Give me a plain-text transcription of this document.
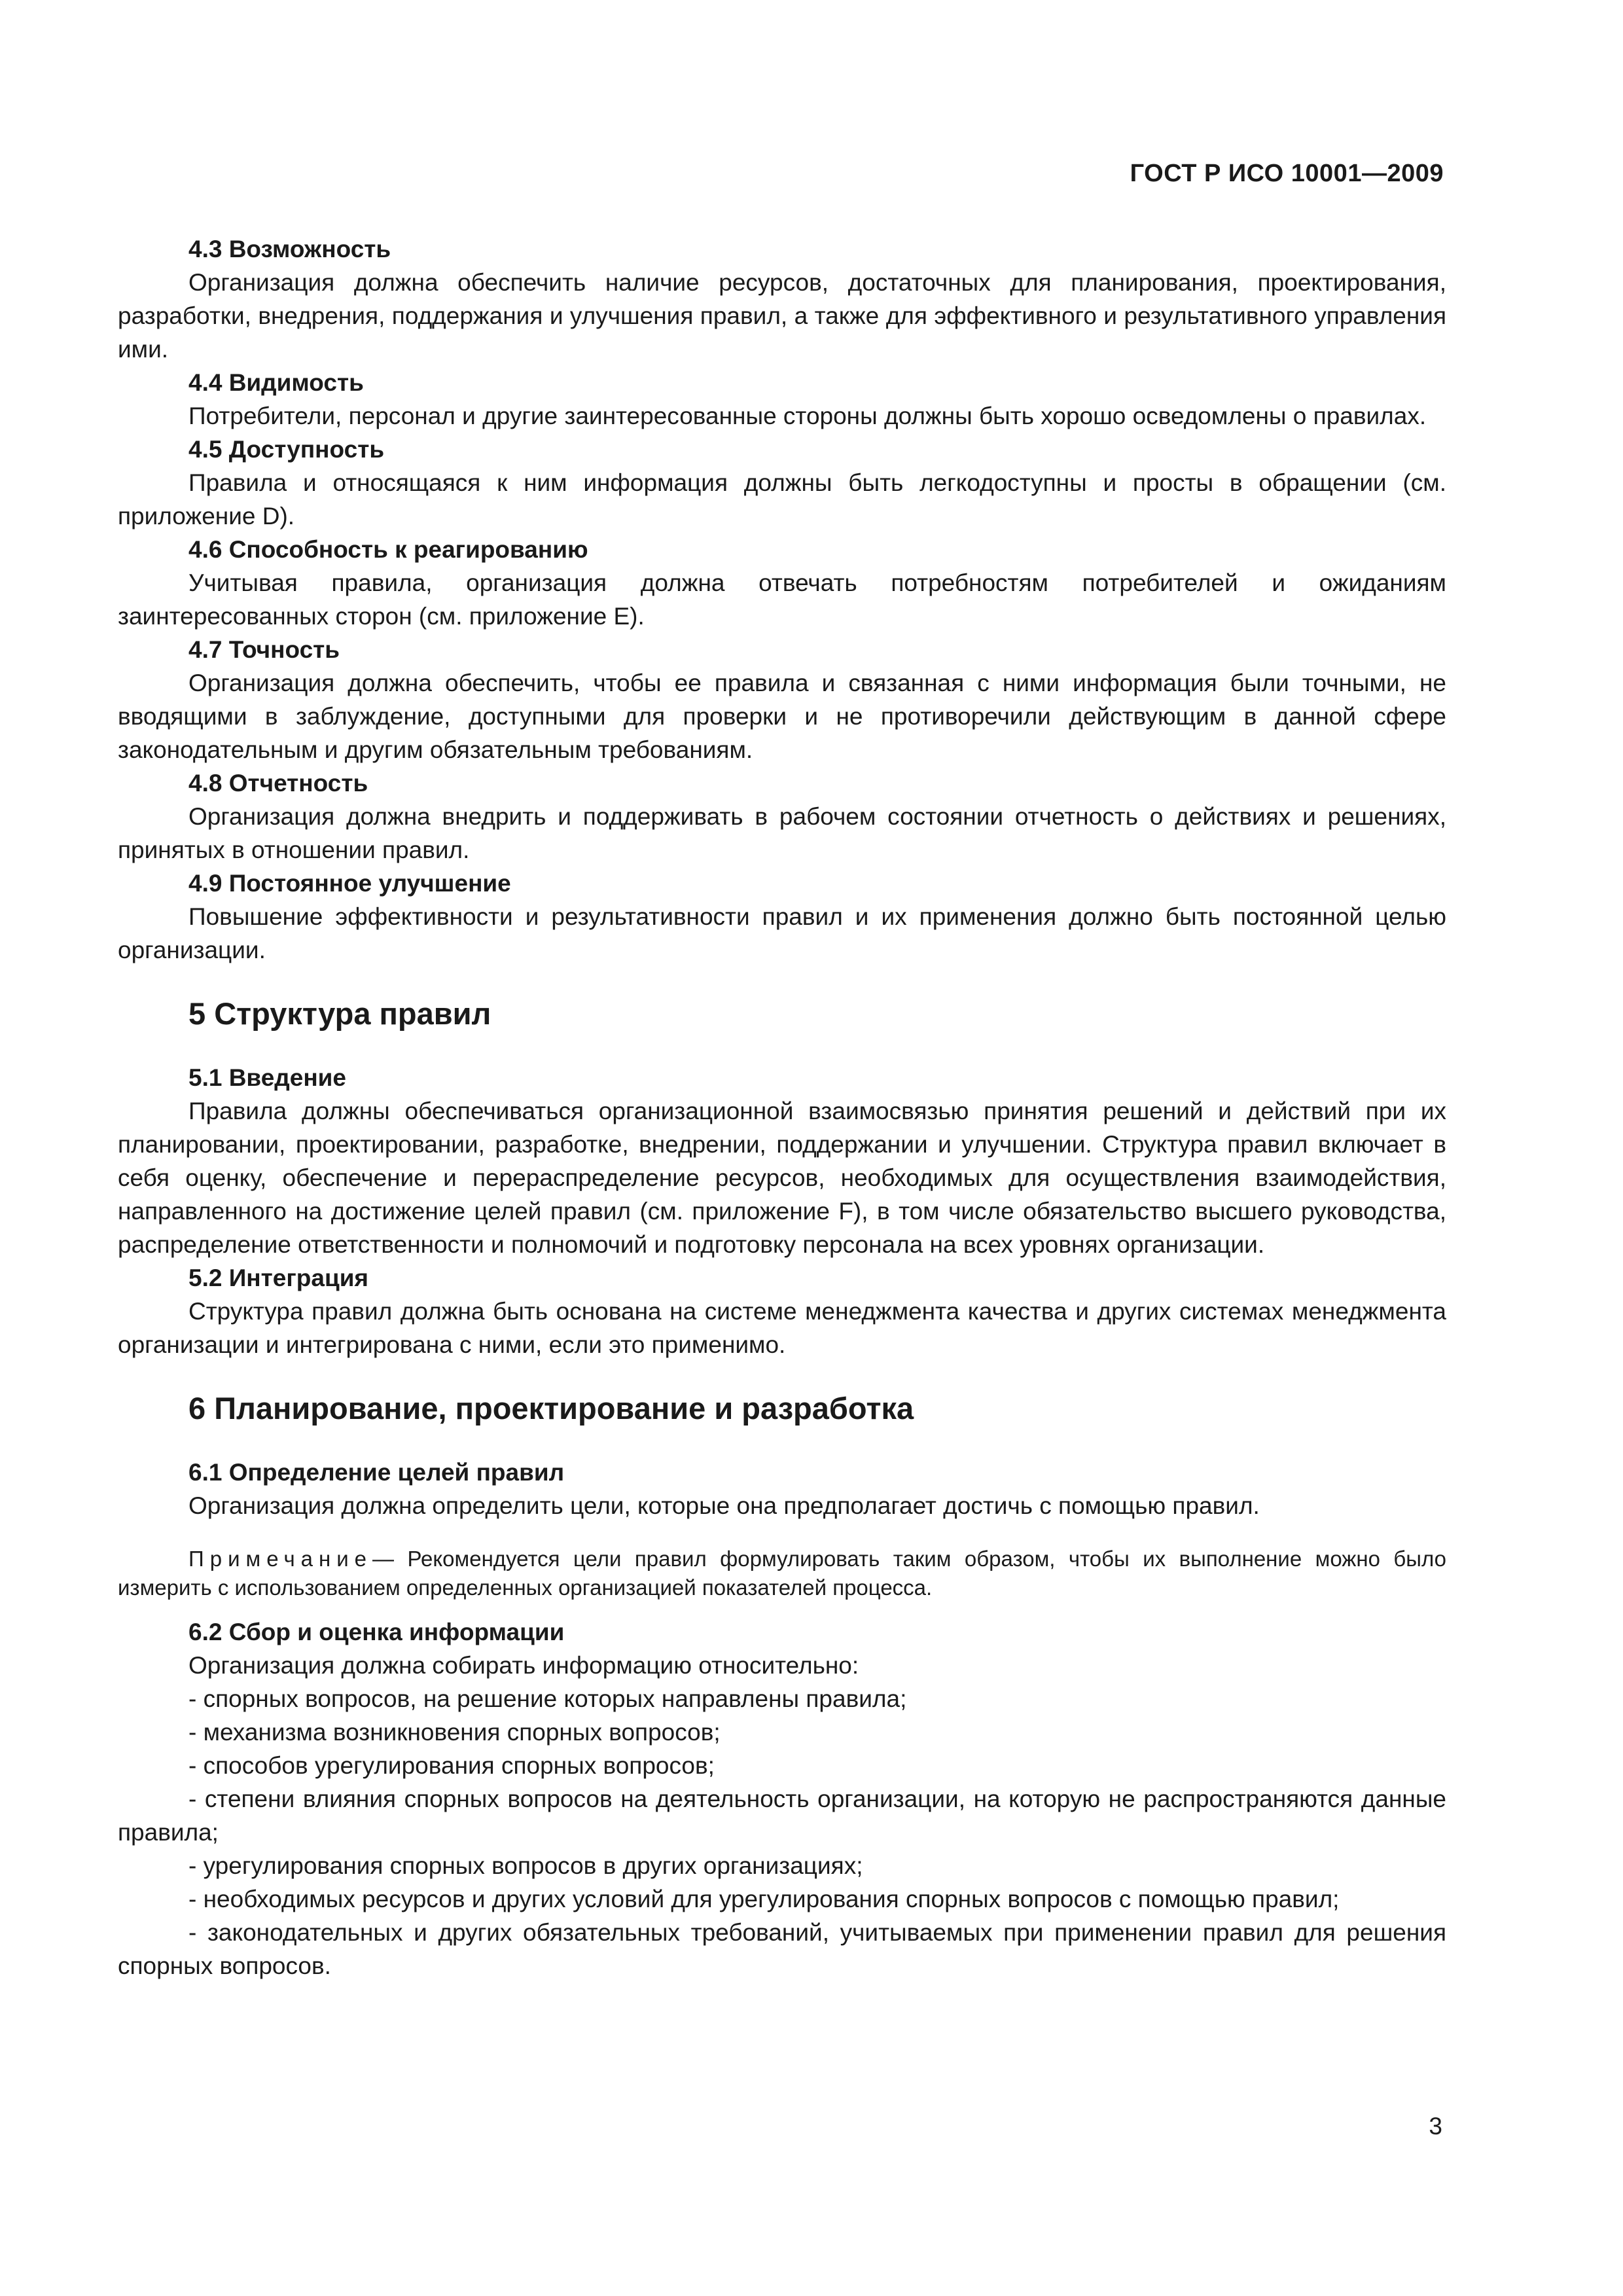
ГОСТ Р ИСО 10001—2009
4.3 Возможность

Организация должна обеспечить наличие ресурсов, достаточных для планирования, проектирования, разработки, внедрения, поддержания и улучшения правил, а также для эффективного и результативного управления ими.

4.4 Видимость

Потребители, персонал и другие заинтересованные стороны должны быть хорошо осведомлены о правилах.

4.5 Доступность

Правила и относящаяся к ним информация должны быть легкодоступны и просты в обращении (см. приложение D).

4.6 Способность к реагированию

Учитывая правила, организация должна отвечать потребностям потребителей и ожиданиям заинтересованных сторон (см. приложение E).

4.7 Точность

Организация должна обеспечить, чтобы ее правила и связанная с ними информация были точными, не вводящими в заблуждение, доступными для проверки и не противоречили действующим в данной сфере законодательным и другим обязательным требованиям.

4.8 Отчетность

Организация должна внедрить и поддерживать в рабочем состоянии отчетность о действиях и решениях, принятых в отношении правил.

4.9 Постоянное улучшение

Повышение эффективности и результативности правил и их применения должно быть постоянной целью организации.

5 Структура правил
5.1 Введение

Правила должны обеспечиваться организационной взаимосвязью принятия решений и действий при их планировании, проектировании, разработке, внедрении, поддержании и улучшении. Структура правил включает в себя оценку, обеспечение и перераспределение ресурсов, необходимых для осуществления взаимодействия, направленного на достижение целей правил (см. приложение F), в том числе обязательство высшего руководства, распределение ответственности и полномочий и подготовку персонала на всех уровнях организации.

5.2 Интеграция

Структура правил должна быть основана на системе менеджмента качества и других системах менеджмента организации и интегрирована с ними, если это применимо.

6 Планирование, проектирование и разработка
6.1 Определение целей правил

Организация должна определить цели, которые она предполагает достичь с помощью правил.

Примечание— Рекомендуется цели правил формулировать таким образом, чтобы их выполнение можно было измерить с использованием определенных организацией показателей процесса.

6.2 Сбор и оценка информации

Организация должна собирать информацию относительно:

- спорных вопросов, на решение которых направлены правила;

- механизма возникновения спорных вопросов;

- способов урегулирования спорных вопросов;

- степени влияния спорных вопросов на деятельность организации, на которую не распространяются данные правила;

- урегулирования спорных вопросов в других организациях;

- необходимых ресурсов и других условий для урегулирования спорных вопросов с помощью правил;

- законодательных и других обязательных требований, учитываемых при применении правил для решения спорных вопросов.

3
